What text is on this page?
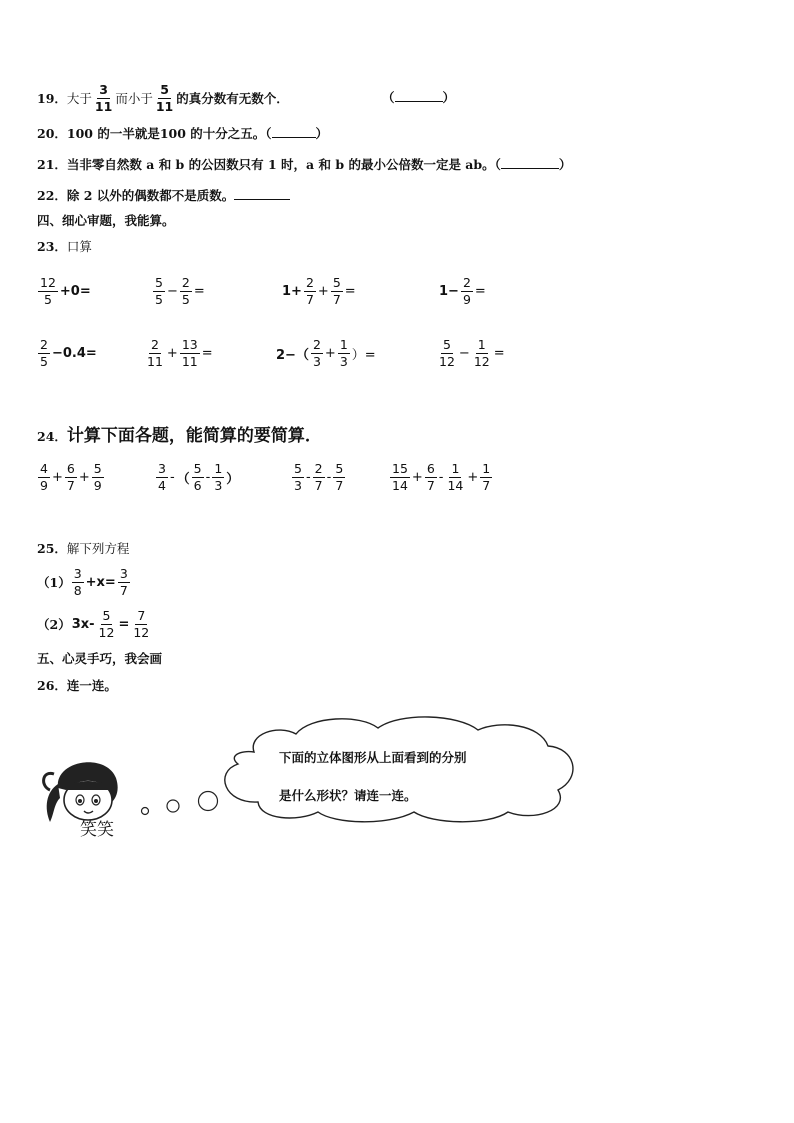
19． 大于 $\frac{3}{11}$ 而小于 $\frac{5}{11}$ 的真分数有无数个．	（	）
20．100 的一半就是100 的十分之五。（	）
21．当非零自然数 a 和 b 的公因数只有 1 时，a 和 b 的最小公倍数一定是 ab。（	）
22．除 2 以外的偶数都不是质数。
四、细心审题，我能算。
23．口算
$\frac{12}{5} +0=$	$\frac{5}{5} - \frac{2}{5}$ =	$1+ \frac{2}{7} + \frac{5}{7}$ =	$1- \frac{2}{9}$ =
$\frac{2}{5} -0.4=$	$\frac{2}{11} + \frac{13}{11}$ =	$2-( \frac{2}{3} + \frac{1}{3}$ ）=	$\frac{5}{12} - \frac{1}{12}$ =
24．计算下面各题，能简算的要简算．
$\frac{4}{9} + \frac{6}{7} + \frac{5}{9}$	$\frac{3}{4}$ - （ $\frac{5}{6} - \frac{1}{3}$ ）	$\frac{5}{3} - \frac{2}{7} - \frac{5}{7}$	$\frac{15}{14} + \frac{6}{7} - \frac{1}{14} + \frac{1}{7}$
25．解下列方程
$(1) \frac{3}{8} +x= \frac{3}{7}$
（2） $3x- \frac{5}{12} = \frac{7}{12}$
五、心灵手巧，我会画
26．连一连。
笑笑
下面的立体图形从上面看到的分别
是什么形状？请连一连。
